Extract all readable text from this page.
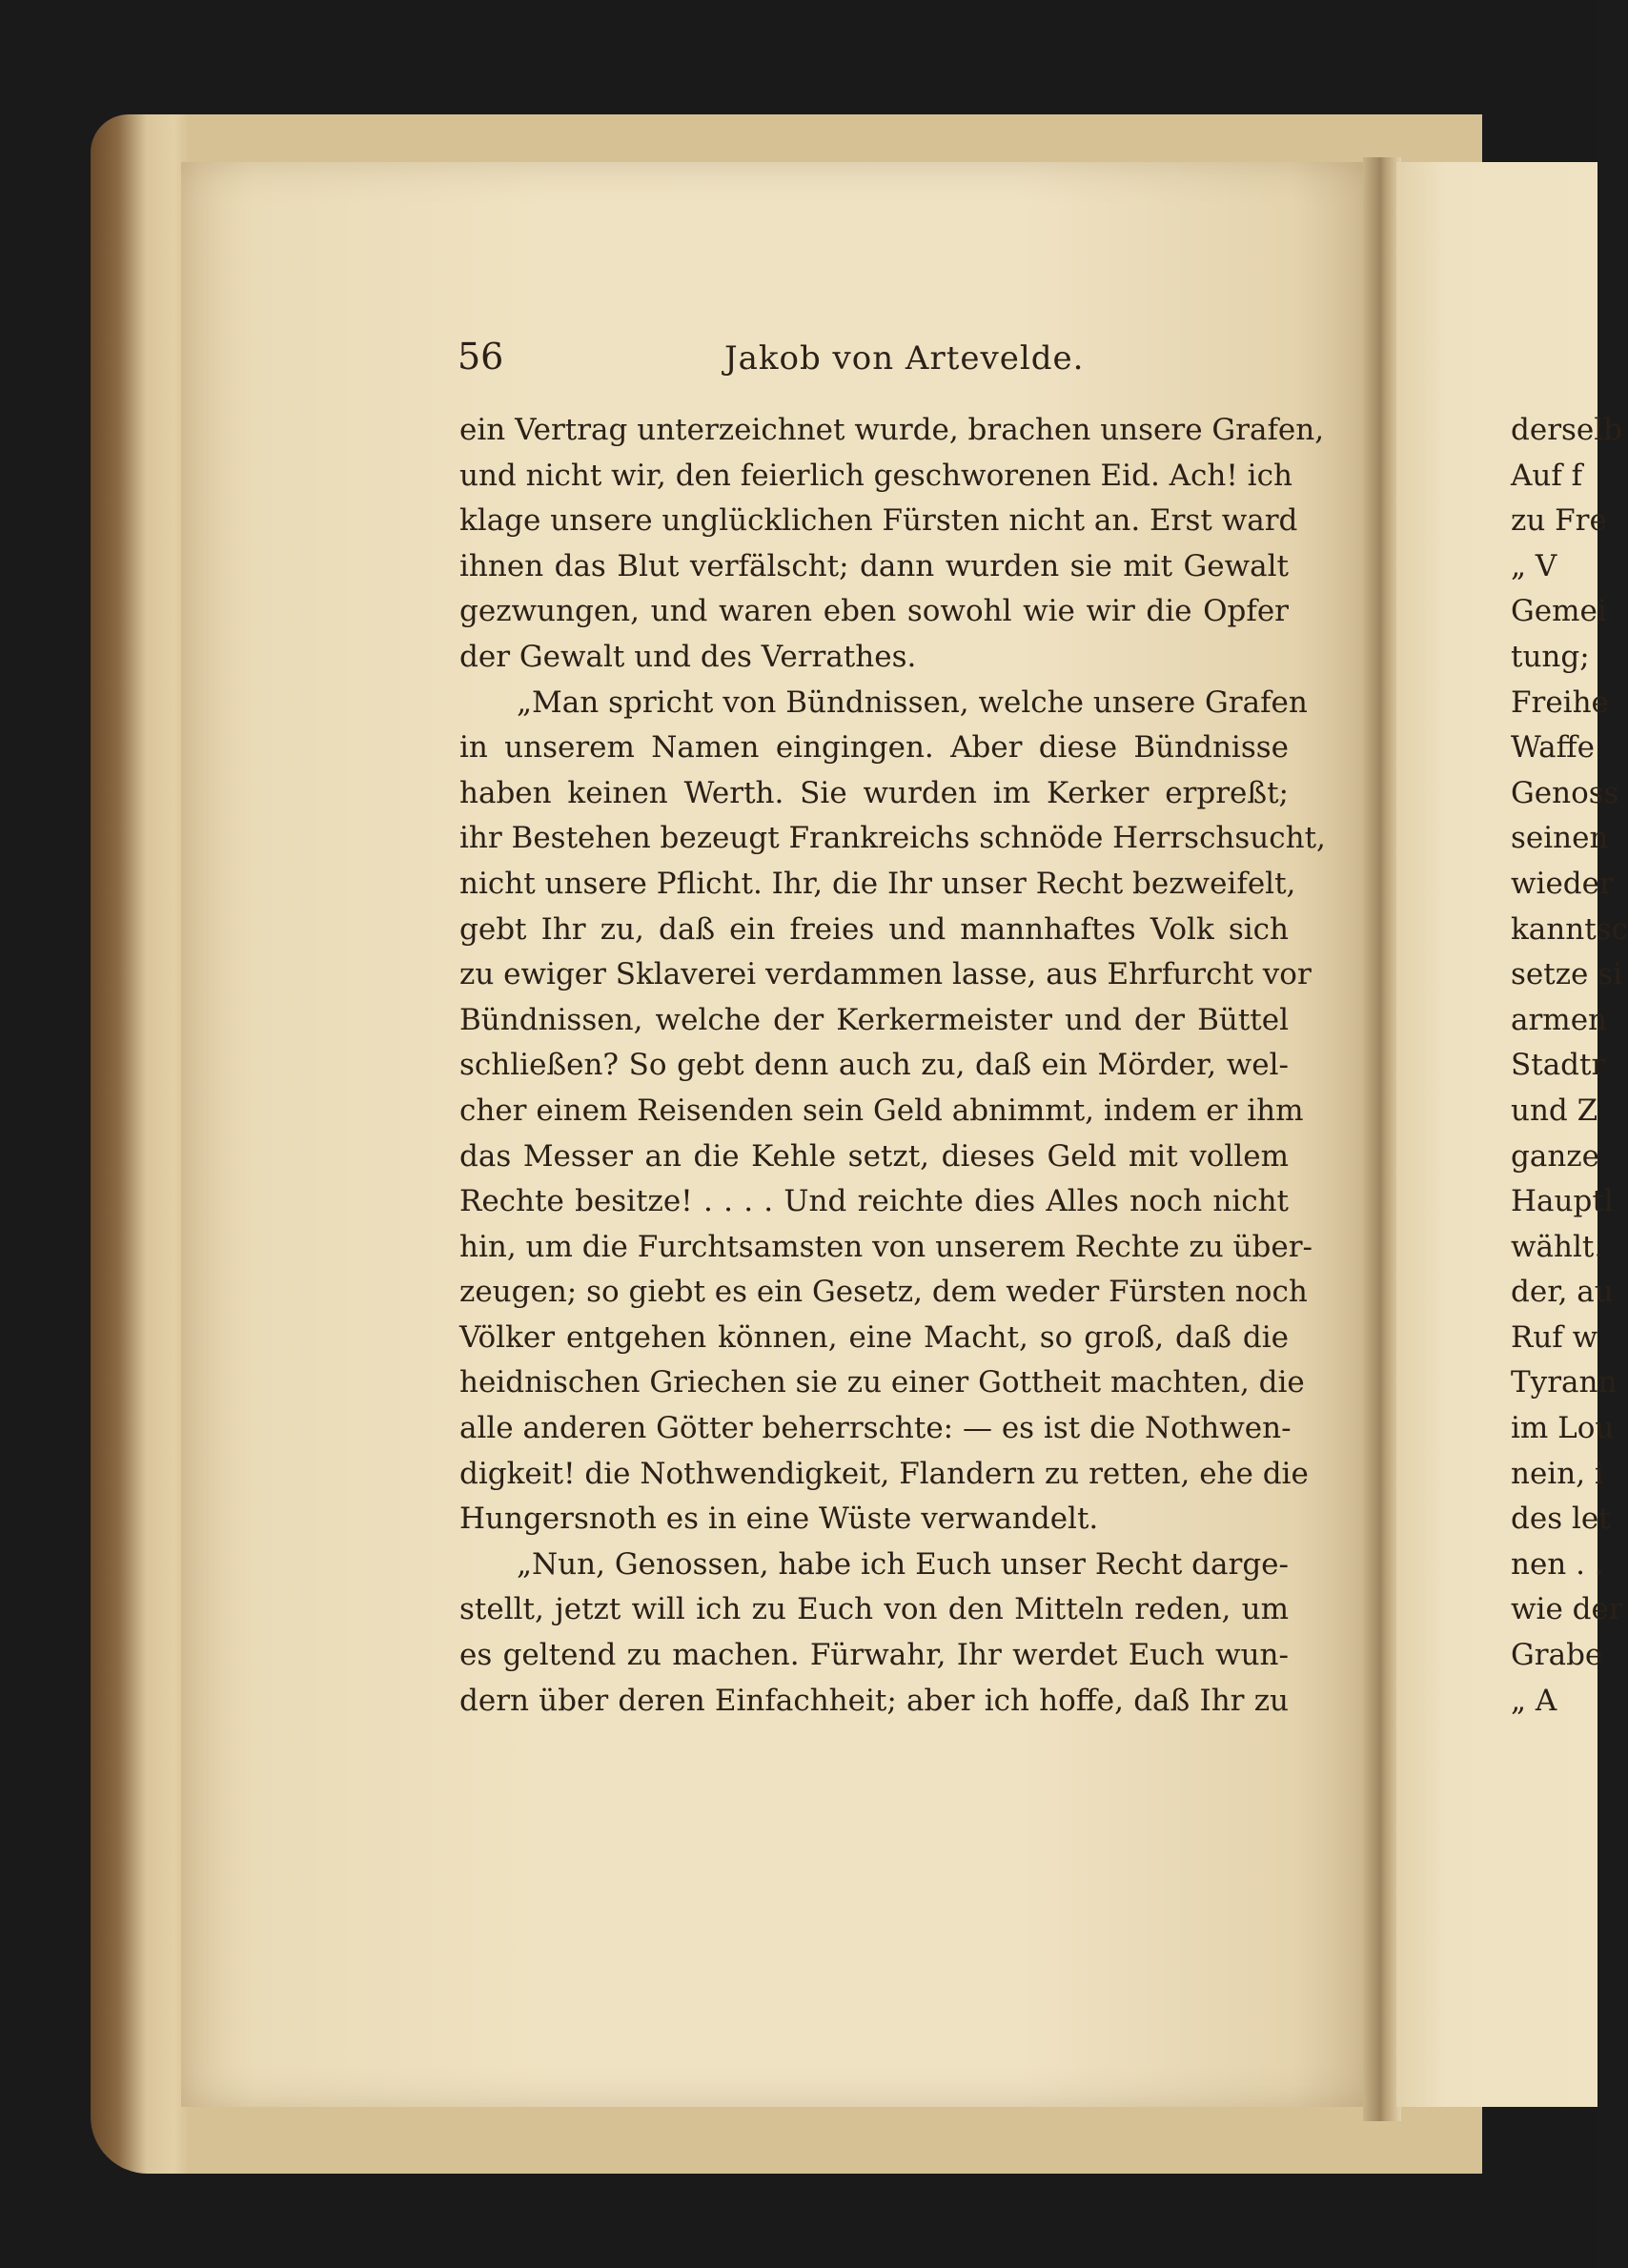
56	Jakob von Artevelde.
ein Vertrag unterzeichnet wurde, brachen unsere Grafen,
und nicht wir, den feierlich geschworenen Eid. Ach! ich
klage unsere unglücklichen Fürsten nicht an. Erst ward
ihnen das Blut verfälscht; dann wurden sie mit Gewalt
gezwungen, und waren eben sowohl wie wir die Opfer
der Gewalt und des Verrathes.
„Man spricht von Bündnissen, welche unsere Grafen
in unserem Namen eingingen. Aber diese Bündnisse
haben keinen Werth. Sie wurden im Kerker erpreßt;
ihr Bestehen bezeugt Frankreichs schnöde Herrschsucht,
nicht unsere Pflicht. Ihr, die Ihr unser Recht bezweifelt,
gebt Ihr zu, daß ein freies und mannhaftes Volk sich
zu ewiger Sklaverei verdammen lasse, aus Ehrfurcht vor
Bündnissen, welche der Kerkermeister und der Büttel
schließen? So gebt denn auch zu, daß ein Mörder, wel-
cher einem Reisenden sein Geld abnimmt, indem er ihm
das Messer an die Kehle setzt, dieses Geld mit vollem
Rechte besitze! . . . . Und reichte dies Alles noch nicht
hin, um die Furchtsamsten von unserem Rechte zu über-
zeugen; so giebt es ein Gesetz, dem weder Fürsten noch
Völker entgehen können, eine Macht, so groß, daß die
heidnischen Griechen sie zu einer Gottheit machten, die
alle anderen Götter beherrschte: — es ist die Nothwen-
digkeit! die Nothwendigkeit, Flandern zu retten, ehe die
Hungersnoth es in eine Wüste verwandelt.
„Nun, Genossen, habe ich Euch unser Recht darge-
stellt, jetzt will ich zu Euch von den Mitteln reden, um
es geltend zu machen. Fürwahr, Ihr werdet Euch wun-
dern über deren Einfachheit; aber ich hoffe, daß Ihr zu
derselb
Auf f
zu Fre
„ V
Gemei
tung;
Freihe
Waffe
Genoss
seinen
wieder
kanntsc
setze si
armen
Stadtr
und Z
ganze
Hauptl
wählt.
der, au
Ruf w
Tyrann
im Lou
nein, i
des let
nen . .
wie der
Grabe
„ A
